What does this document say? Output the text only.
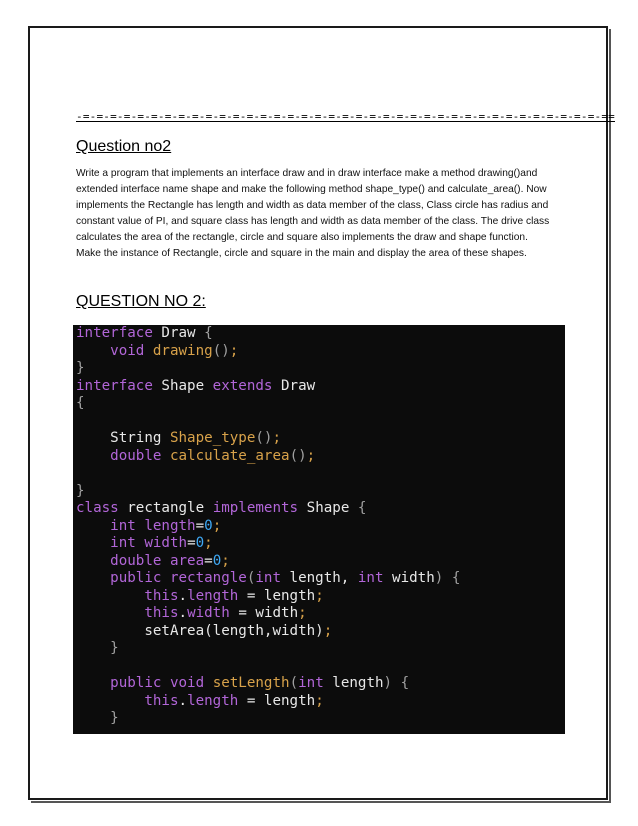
-=-=-=-=-=-=-=-=-=-=-=-=-=-=-=-=-=-=-=-=-=-=-=-=-=-=-=-=-=-=-=-=-=-=-=-=-=-=-==
Question no2
Write a program that implements an interface draw and in draw interface make a method drawing()and
extended interface name shape and make the following method shape_type() and calculate_area(). Now
implements the Rectangle has length and width as data member of the class, Class circle has radius and
constant value of PI, and square class has length and width as data member of the class. The drive class
calculates the area of the rectangle, circle and square also implements the draw and shape function.
Make the instance of Rectangle, circle and square in the main and display the area of these shapes.
QUESTION NO 2:
interface Draw {
void drawing();
}
interface Shape extends Draw
{

String Shape_type();
double calculate_area();

}
class rectangle implements Shape {
int length=0;
int width=0;
double area=0;
public rectangle(int length, int width) {
this.length = length;
this.width = width;
setArea(length,width);
}

public void setLength(int length) {
this.length = length;
}
